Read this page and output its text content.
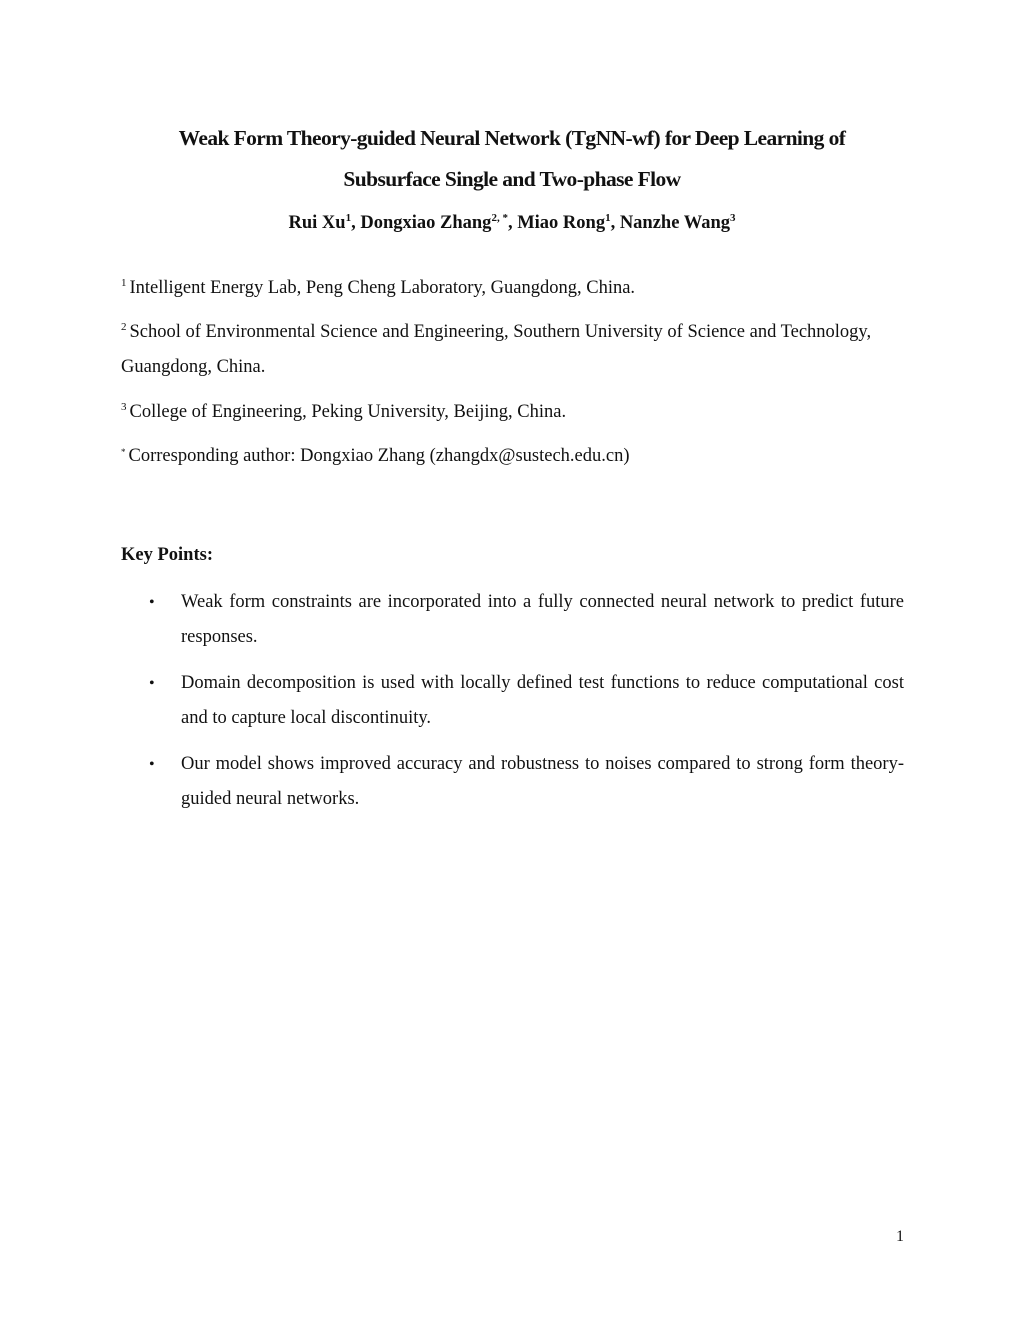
Weak Form Theory-guided Neural Network (TgNN-wf) for Deep Learning of
Subsurface Single and Two-phase Flow
Rui Xu$^1$, Dongxiao Zhang$^{2, *}$, Miao Rong$^1$, Nanzhe Wang$^3$
$^1$ Intelligent Energy Lab, Peng Cheng Laboratory, Guangdong, China.
$^2$ School of Environmental Science and Engineering, Southern University of Science and Technology, Guangdong, China.
$^3$ College of Engineering, Peking University, Beijing, China.
* Corresponding author: Dongxiao Zhang (zhangdx@sustech.edu.cn)
Key Points:
• Weak form constraints are incorporated into a fully connected neural network to predict future responses.
• Domain decomposition is used with locally defined test functions to reduce computational cost and to capture local discontinuity.
• Our model shows improved accuracy and robustness to noises compared to strong form theory-guided neural networks.
1
